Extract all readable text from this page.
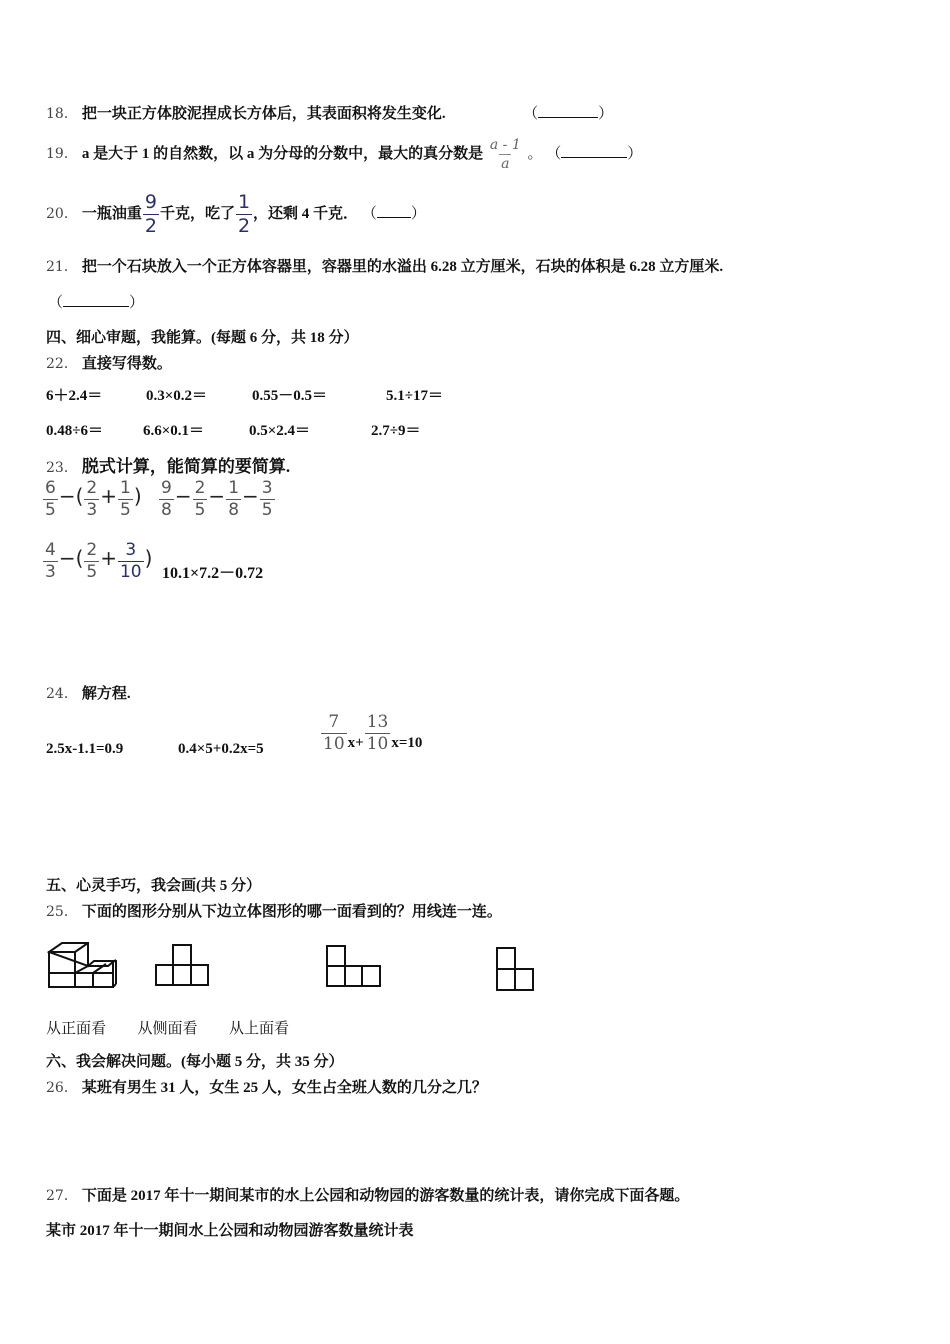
18． 把一块正方体胶泥捏成长方体后，其表面积将发生变化.	（	）
19． a 是大于 1 的自然数，以 a 为分母的分数中，最大的真分数是 $\frac{a - 1}{a}$ 。 （	）
20． 一瓶油重 $\frac{9}{2}$ 千克，吃了 $\frac{1}{2}$ ，还剩 4 千克． （ ）
21． 把一个石块放入一个正方体容器里，容器里的水溢出 6.28 立方厘米，石块的体积是 6.28 立方厘米.
（	）
四、细心审题，我能算。(每题 6 分，共 18 分）
22． 直接写得数。
6＋2.4＝	0.3×0.2＝	0.55－0.5＝	5.1÷17＝
0.48÷6＝	6.6×0.1＝	0.5×2.4＝	2.7÷9＝
23． 脱式计算，能简算的要简算.
$\frac{6}{5}$ −( $\frac{2}{3} + \frac{1}{5}$ ) $\frac{9}{8} - \frac{2}{5} - \frac{1}{8} - \frac{3}{5}$
$\frac{4}{3}$ −( $\frac{2}{5} + \frac{3}{10}$ )
10.1×7.2－0.72
24． 解方程.
2.5x-1.1=0.9	0.4×5+0.2x=5	$\frac{7}{10} x+ \frac{13}{10} x=10$
五、心灵手巧，我会画(共 5 分）
25． 下面的图形分别从下边立体图形的哪一面看到的？用线连一连。
从正面看 从侧面看 从上面看
六、我会解决问题。(每小题 5 分，共 35 分）
26． 某班有男生 31 人，女生 25 人，女生占全班人数的几分之几？
27． 下面是 2017 年十一期间某市的水上公园和动物园的游客数量的统计表，请你完成下面各题。
某市 2017 年十一期间水上公园和动物园游客数量统计表
